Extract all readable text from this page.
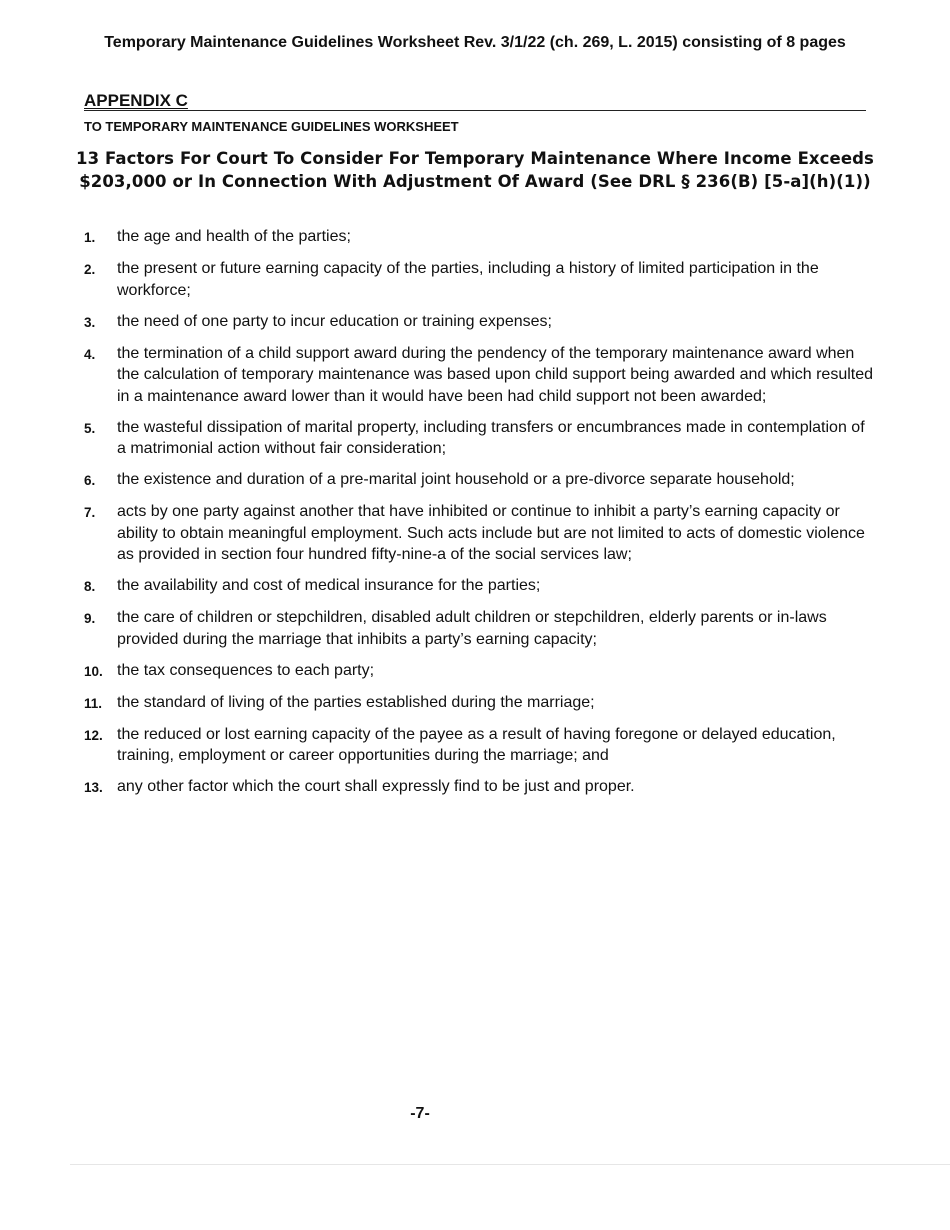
Temporary Maintenance Guidelines Worksheet Rev. 3/1/22 (ch. 269, L. 2015) consisting of 8 pages
APPENDIX C
TO TEMPORARY MAINTENANCE GUIDELINES WORKSHEET
13 Factors For Court To Consider For Temporary Maintenance Where Income Exceeds
$203,000 or In Connection With Adjustment Of Award (See DRL § 236(B) [5-a](h)(1))
1.	the age and health of the parties;
2.	the present or future earning capacity of the parties, including a history of limited participation in the workforce;
3.	the need of one party to incur education or training expenses;
4.	the termination of a child support award during the pendency of the temporary maintenance award when the calculation of temporary maintenance was based upon child support being awarded and which resulted in a maintenance award lower than it would have been had child support not been awarded;
5.	the wasteful dissipation of marital property, including transfers or encumbrances made in contemplation of a matrimonial action without fair consideration;
6.	the existence and duration of a pre-marital joint household or a pre-divorce separate household;
7.	acts by one party against another that have inhibited or continue to inhibit a party’s earning capacity or ability to obtain meaningful employment. Such acts include but are not limited to acts of domestic violence as provided in section four hundred fifty-nine-a of the social services law;
8.	the availability and cost of medical insurance for the parties;
9.	the care of children or stepchildren, disabled adult children or stepchildren, elderly parents or in-laws provided during the marriage that inhibits a party’s earning capacity;
10. the tax consequences to each party;
11. the standard of living of the parties established during the marriage;
12. the reduced or lost earning capacity of the payee as a result of having foregone or delayed education, training, employment or career opportunities during the marriage; and
13. any other factor which the court shall expressly find to be just and proper.
-7-
